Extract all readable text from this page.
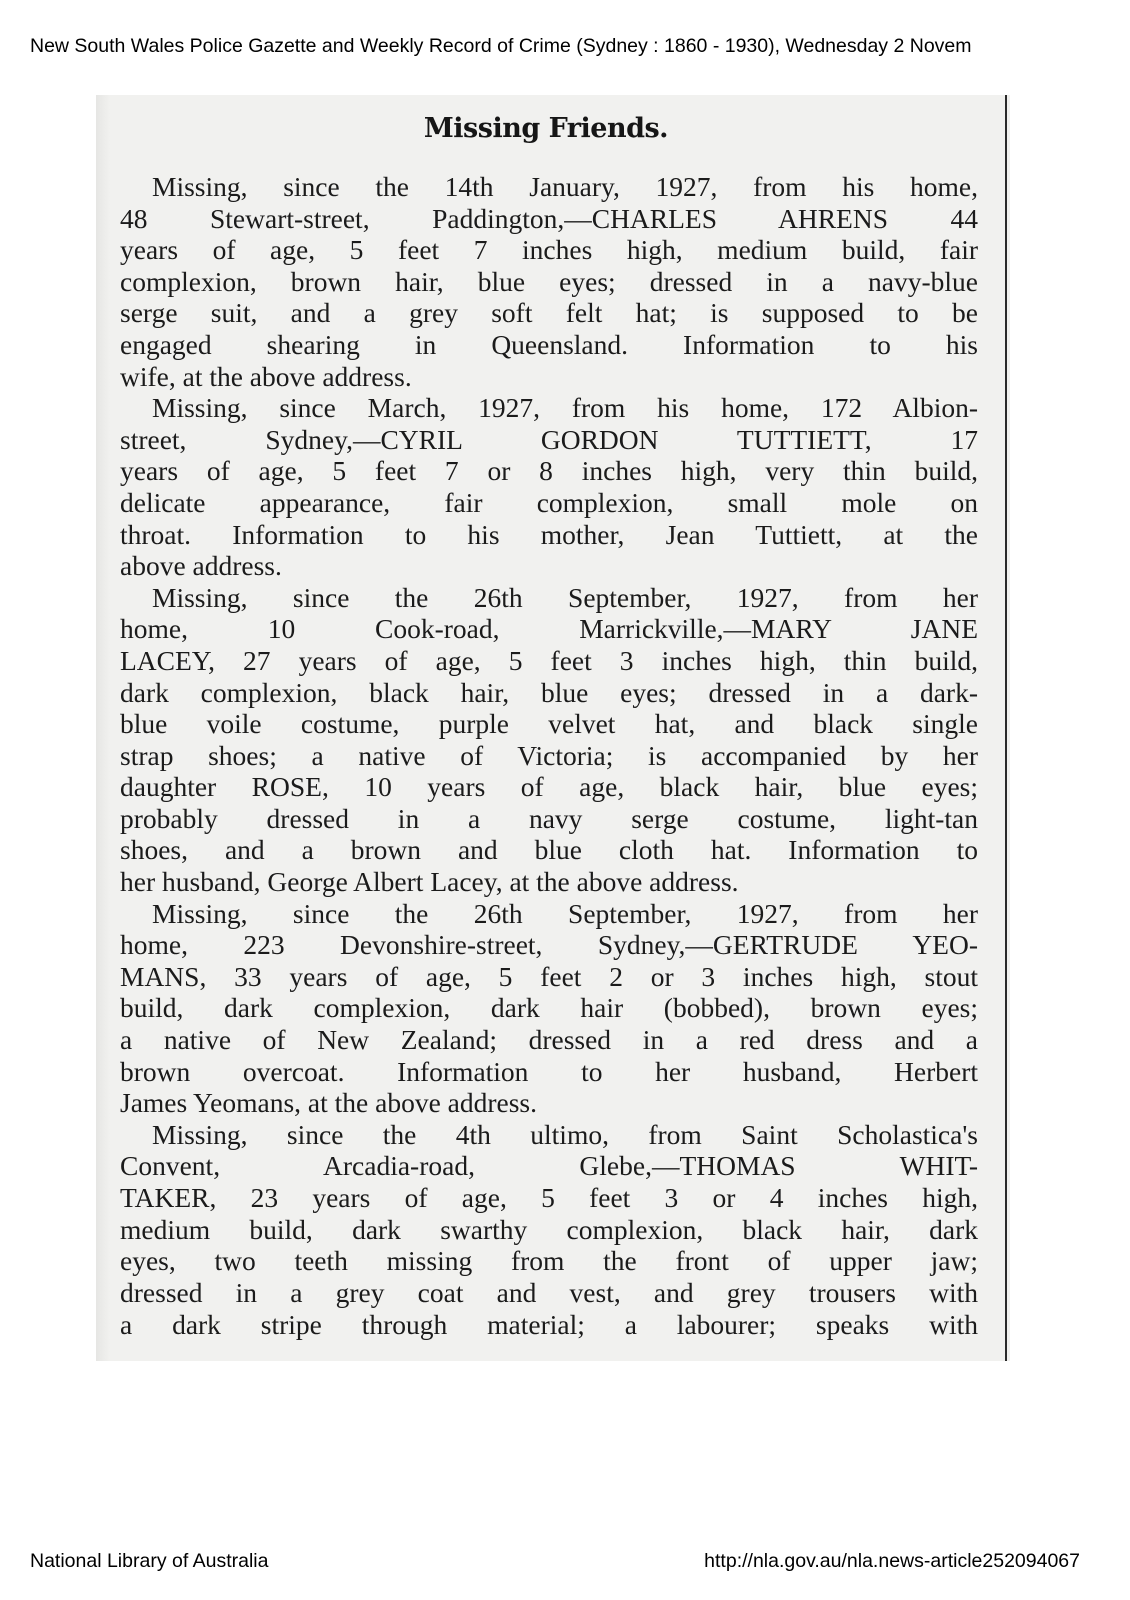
New South Wales Police Gazette and Weekly Record of Crime (Sydney : 1860 - 1930), Wednesday 2 Novem
Missing Friends.
Missing, since the 14th January, 1927, from his home,
48 Stewart-street, Paddington,—CHARLES AHRENS 44
years of age, 5 feet 7 inches high, medium build, fair
complexion, brown hair, blue eyes; dressed in a navy-blue
serge suit, and a grey soft felt hat; is supposed to be
engaged shearing in Queensland. Information to his
wife, at the above address.
Missing, since March, 1927, from his home, 172 Albion-
street, Sydney,—CYRIL GORDON TUTTIETT, 17
years of age, 5 feet 7 or 8 inches high, very thin build,
delicate appearance, fair complexion, small mole on
throat. Information to his mother, Jean Tuttiett, at the
above address.
Missing, since the 26th September, 1927, from her
home, 10 Cook-road, Marrickville,—MARY JANE
LACEY, 27 years of age, 5 feet 3 inches high, thin build,
dark complexion, black hair, blue eyes; dressed in a dark-
blue voile costume, purple velvet hat, and black single
strap shoes; a native of Victoria; is accompanied by her
daughter ROSE, 10 years of age, black hair, blue eyes;
probably dressed in a navy serge costume, light-tan
shoes, and a brown and blue cloth hat. Information to
her husband, George Albert Lacey, at the above address.
Missing, since the 26th September, 1927, from her
home, 223 Devonshire-street, Sydney,—GERTRUDE YEO-
MANS, 33 years of age, 5 feet 2 or 3 inches high, stout
build, dark complexion, dark hair (bobbed), brown eyes;
a native of New Zealand; dressed in a red dress and a
brown overcoat. Information to her husband, Herbert
James Yeomans, at the above address.
Missing, since the 4th ultimo, from Saint Scholastica's
Convent, Arcadia-road, Glebe,—THOMAS WHIT-
TAKER, 23 years of age, 5 feet 3 or 4 inches high,
medium build, dark swarthy complexion, black hair, dark
eyes, two teeth missing from the front of upper jaw;
dressed in a grey coat and vest, and grey trousers with
a dark stripe through material; a labourer; speaks with
National Library of Australia	http://nla.gov.au/nla.news-article252094067
